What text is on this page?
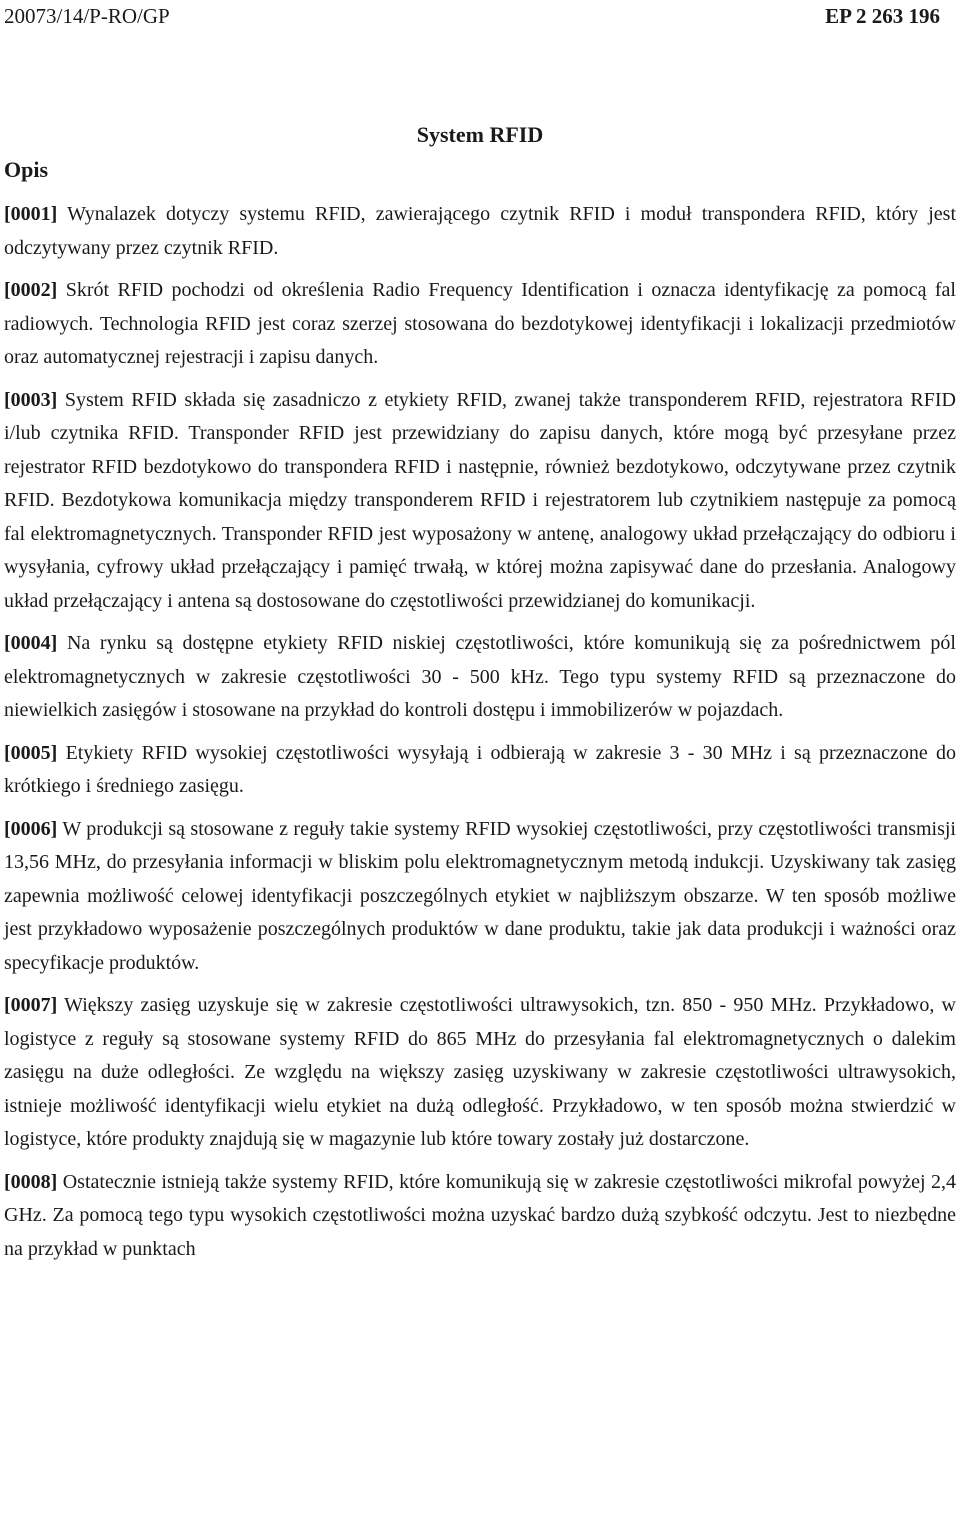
20073/14/P-RO/GP	EP 2 263 196
System RFID
Opis

[0001] Wynalazek dotyczy systemu RFID, zawierającego czytnik RFID i moduł transpondera RFID, który jest odczytywany przez czytnik RFID.

[0002] Skrót RFID pochodzi od określenia Radio Frequency Identification i oznacza identyfikację za pomocą fal radiowych. Technologia RFID jest coraz szerzej stosowana do bezdotykowej identyfikacji i lokalizacji przedmiotów oraz automatycznej rejestracji i zapisu danych.

[0003] System RFID składa się zasadniczo z etykiety RFID, zwanej także transponderem RFID, rejestratora RFID i/lub czytnika RFID. Transponder RFID jest przewidziany do zapisu danych, które mogą być przesyłane przez rejestrator RFID bezdotykowo do transpondera RFID i następnie, również bezdotykowo, odczytywane przez czytnik RFID. Bezdotykowa komunikacja między transponderem RFID i rejestratorem lub czytnikiem następuje za pomocą fal elektromagnetycznych. Transponder RFID jest wyposażony w antenę, analogowy układ przełączający do odbioru i wysyłania, cyfrowy układ przełączający i pamięć trwałą, w której można zapisywać dane do przesłania. Analogowy układ przełączający i antena są dostosowane do częstotliwości przewidzianej do komunikacji.

[0004] Na rynku są dostępne etykiety RFID niskiej częstotliwości, które komunikują się za pośrednictwem pól elektromagnetycznych w zakresie częstotliwości 30 - 500 kHz. Tego typu systemy RFID są przeznaczone do niewielkich zasięgów i stosowane na przykład do kontroli dostępu i immobilizerów w pojazdach.

[0005] Etykiety RFID wysokiej częstotliwości wysyłają i odbierają w zakresie 3 - 30 MHz i są przeznaczone do krótkiego i średniego zasięgu.

[0006] W produkcji są stosowane z reguły takie systemy RFID wysokiej częstotliwości, przy częstotliwości transmisji 13,56 MHz, do przesyłania informacji w bliskim polu elektromagnetycznym metodą indukcji. Uzyskiwany tak zasięg zapewnia możliwość celowej identyfikacji poszczególnych etykiet w najbliższym obszarze. W ten sposób możliwe jest przykładowo wyposażenie poszczególnych produktów w dane produktu, takie jak data produkcji i ważności oraz specyfikacje produktów.

[0007] Większy zasięg uzyskuje się w zakresie częstotliwości ultrawysokich, tzn. 850 - 950 MHz. Przykładowo, w logistyce z reguły są stosowane systemy RFID do 865 MHz do przesyłania fal elektromagnetycznych o dalekim zasięgu na duże odległości. Ze względu na większy zasięg uzyskiwany w zakresie częstotliwości ultrawysokich, istnieje możliwość identyfikacji wielu etykiet na dużą odległość. Przykładowo, w ten sposób można stwierdzić w logistyce, które produkty znajdują się w magazynie lub które towary zostały już dostarczone.

[0008] Ostatecznie istnieją także systemy RFID, które komunikują się w zakresie częstotliwości mikrofal powyżej 2,4 GHz. Za pomocą tego typu wysokich częstotliwości można uzyskać bardzo dużą szybkość odczytu. Jest to niezbędne na przykład w punktach
